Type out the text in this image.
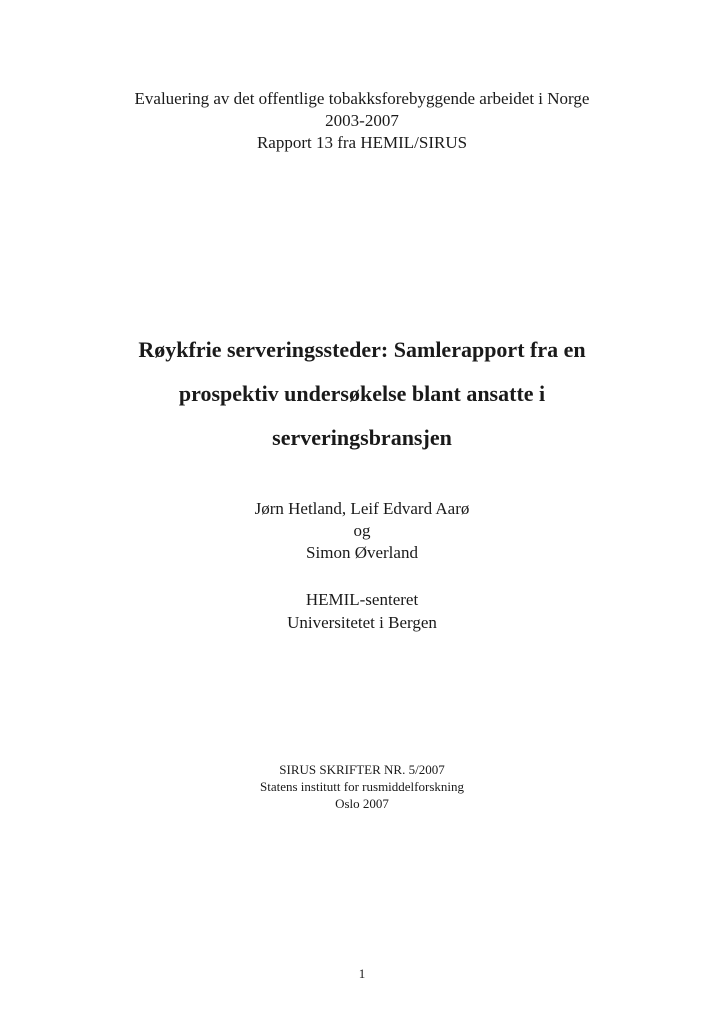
Evaluering av det offentlige tobakksforebyggende arbeidet i Norge
2003-2007
Rapport 13 fra HEMIL/SIRUS
Røykfrie serveringssteder: Samlerapport fra en
prospektiv undersøkelse blant ansatte i
serveringsbransjen
Jørn Hetland, Leif Edvard Aarø
og
Simon Øverland
HEMIL-senteret
Universitetet i Bergen
SIRUS SKRIFTER NR. 5/2007
Statens institutt for rusmiddelforskning
Oslo 2007
1
